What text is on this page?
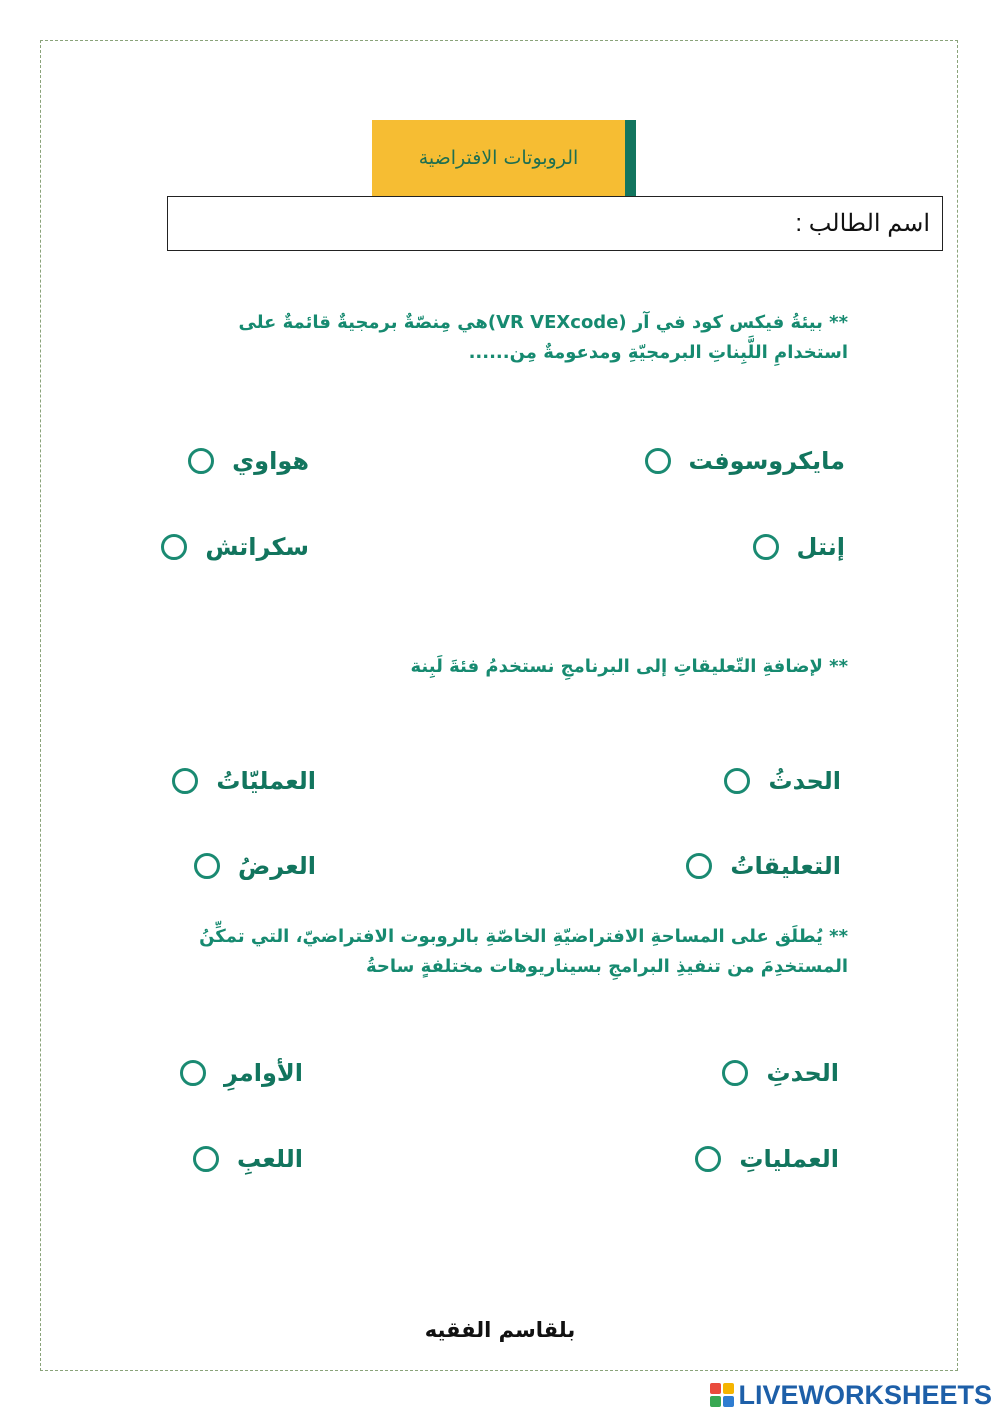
الروبوتات الافتراضية
اسم الطالب :
** بيئةُ فيكس كود في آر (VR VEXcode)هي مِنصّةٌ برمجيةٌ قائمةٌ على استخدامِ اللَّبِناتِ البرمجيّةِ ومدعومةٌ مِن......
مايكروسوفت
هواوي
إنتل
سكراتش
** لإضافةِ التّعليقاتِ إلى البرنامجِ نستخدمُ فئةَ لَبِنة
الحدثُ
العمليّاتُ
التعليقاتُ
العرضُ
** يُطلَق على المساحةِ الافتراضيّةِ الخاصّةِ بالروبوت الافتراضيّ، التي تمكِّنُ المستخدِمَ من تنفيذِ البرامجِ بسيناريوهات مختلفةٍ ساحةُ
الحدثِ
الأوامرِ
العملياتِ
اللعبِ
بلقاسم الفقيه
LIVEWORKSHEETS
